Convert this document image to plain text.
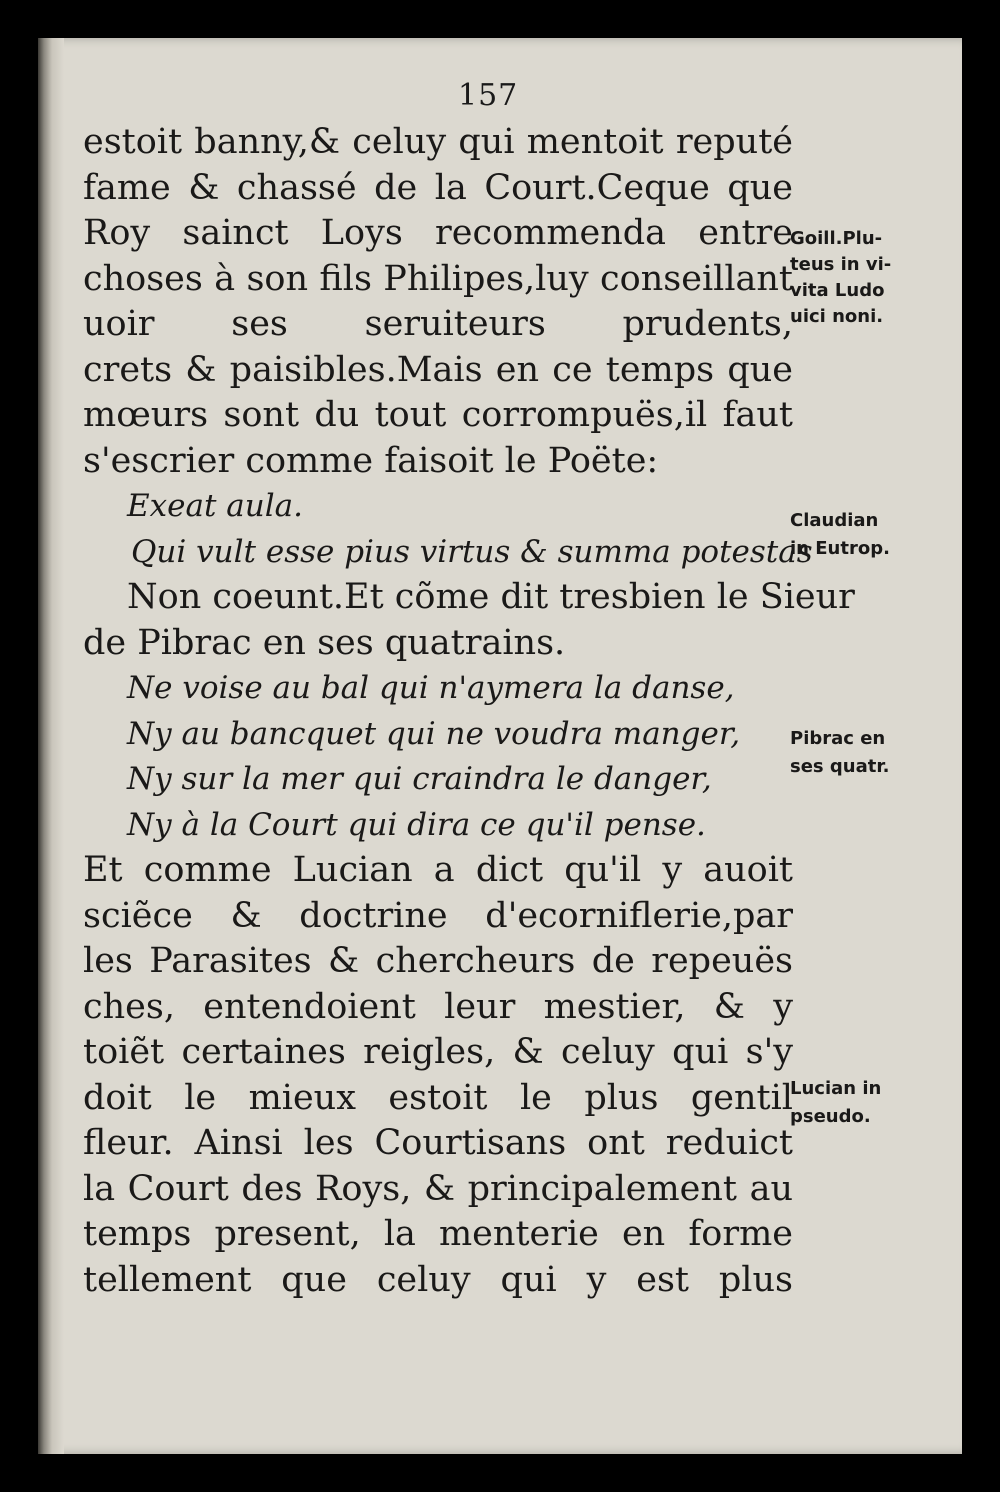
157
estoit banny,& celuy qui mentoit reputé
fame & chassé de la Court.Ceque que
Roy sainct Loys recommenda entre
choses à son fils Philipes,luy conseillant
uoir ses seruiteurs prudents,
crets & paisibles.Mais en ce temps que
mœurs sont du tout corrompuës,il faut
s'escrier comme faisoit le Poëte:
Exeat aula.
Qui vult esse pius virtus & summa potestas
Non coeunt.Et cõme dit tresbien le Sieur
de Pibrac en ses quatrains.
Ne voise au bal qui n'aymera la danse,
Ny au bancquet qui ne voudra manger,
Ny sur la mer qui craindra le danger,
Ny à la Court qui dira ce qu'il pense.
Et comme Lucian a dict qu'il y auoit
sciẽce & doctrine d'ecorniflerie,par
les Parasites & chercheurs de repeuës
ches, entendoient leur mestier, & y
toiẽt certaines reigles, & celuy qui s'y
doit le mieux estoit le plus gentil
fleur. Ainsi les Courtisans ont reduict
la Court des Roys, & principalement au
temps present, la menterie en forme
tellement que celuy qui y est plus
Goill.Plu-
teus in vi-
vita Ludo
uici noni.
Claudian
in Eutrop.
Pibrac en
ses quatr.
Lucian in
pseudo.
